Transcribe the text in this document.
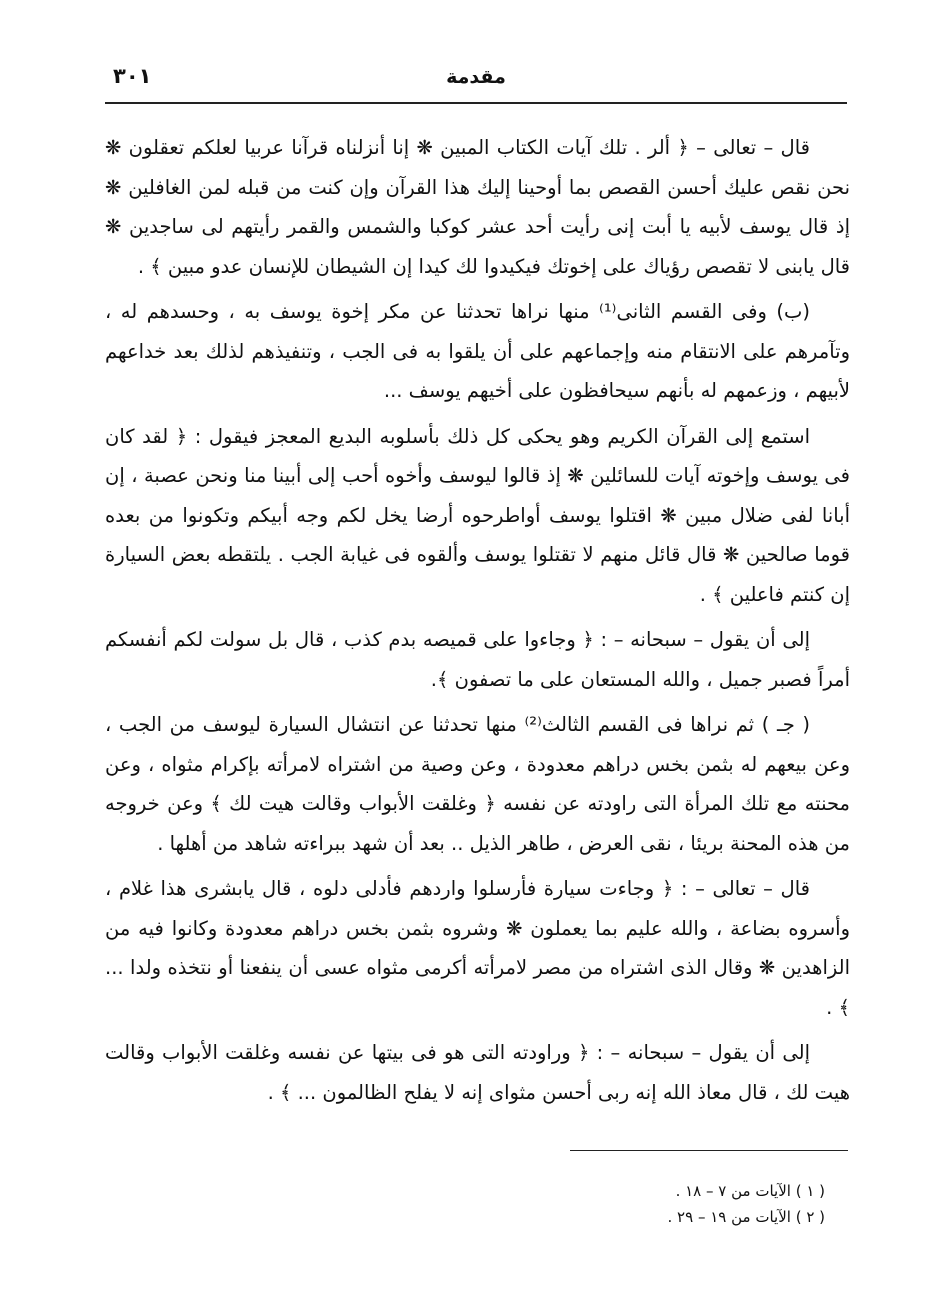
مقدمة
٣٠١

قال – تعالى – ﴿ ألر . تلك آيات الكتاب المبين ❋ إنا أنزلناه قرآنا عربيا لعلكم تعقلون ❋ نحن نقص عليك أحسن القصص بما أوحينا إليك هذا القرآن وإن كنت من قبله لمن الغافلين ❋ إذ قال يوسف لأبيه يا أبت إنى رأيت أحد عشر كوكبا والشمس والقمر رأيتهم لى ساجدين ❋ قال يابنى لا تقصص رؤياك على إخوتك فيكيدوا لك كيدا إن الشيطان للإنسان عدو مبين ﴾ .

(ب) وفى القسم الثانى⁽¹⁾ منها نراها تحدثنا عن مكر إخوة يوسف به ، وحسدهم له ، وتآمرهم على الانتقام منه وإجماعهم على أن يلقوا به فى الجب ، وتنفيذهم لذلك بعد خداعهم لأبيهم ، وزعمهم له بأنهم سيحافظون على أخيهم يوسف ...

استمع إلى القرآن الكريم وهو يحكى كل ذلك بأسلوبه البديع المعجز فيقول : ﴿ لقد كان فى يوسف وإخوته آيات للسائلين ❋ إذ قالوا ليوسف وأخوه أحب إلى أبينا منا ونحن عصبة ، إن أبانا لفى ضلال مبين ❋ اقتلوا يوسف أواطرحوه أرضا يخل لكم وجه أبيكم وتكونوا من بعده قوما صالحين ❋ قال قائل منهم لا تقتلوا يوسف وألقوه فى غيابة الجب . يلتقطه بعض السيارة إن كنتم فاعلين ﴾ .

إلى أن يقول – سبحانه – : ﴿ وجاءوا على قميصه بدم كذب ، قال بل سولت لكم أنفسكم أمراً فصبر جميل ، والله المستعان على ما تصفون ﴾.

( جـ ) ثم نراها فى القسم الثالث⁽²⁾ منها تحدثنا عن انتشال السيارة ليوسف من الجب ، وعن بيعهم له بثمن بخس دراهم معدودة ، وعن وصية من اشتراه لامرأته بإكرام مثواه ، وعن محنته مع تلك المرأة التى راودته عن نفسه ﴿ وغلقت الأبواب وقالت هيت لك ﴾ وعن خروجه من هذه المحنة بريئا ، نقى العرض ، طاهر الذيل .. بعد أن شهد ببراءته شاهد من أهلها .

قال – تعالى – : ﴿ وجاءت سيارة فأرسلوا واردهم فأدلى دلوه ، قال يابشرى هذا غلام ، وأسروه بضاعة ، والله عليم بما يعملون ❋ وشروه بثمن بخس دراهم معدودة وكانوا فيه من الزاهدين ❋ وقال الذى اشتراه من مصر لامرأته أكرمى مثواه عسى أن ينفعنا أو نتخذه ولدا ... ﴾ .

إلى أن يقول – سبحانه – : ﴿ وراودته التى هو فى بيتها عن نفسه وغلقت الأبواب وقالت هيت لك ، قال معاذ الله إنه ربى أحسن مثواى إنه لا يفلح الظالمون ... ﴾ .

( ١ ) الآيات من ٧ – ١٨ .
( ٢ ) الآيات من ١٩ – ٢٩ .
